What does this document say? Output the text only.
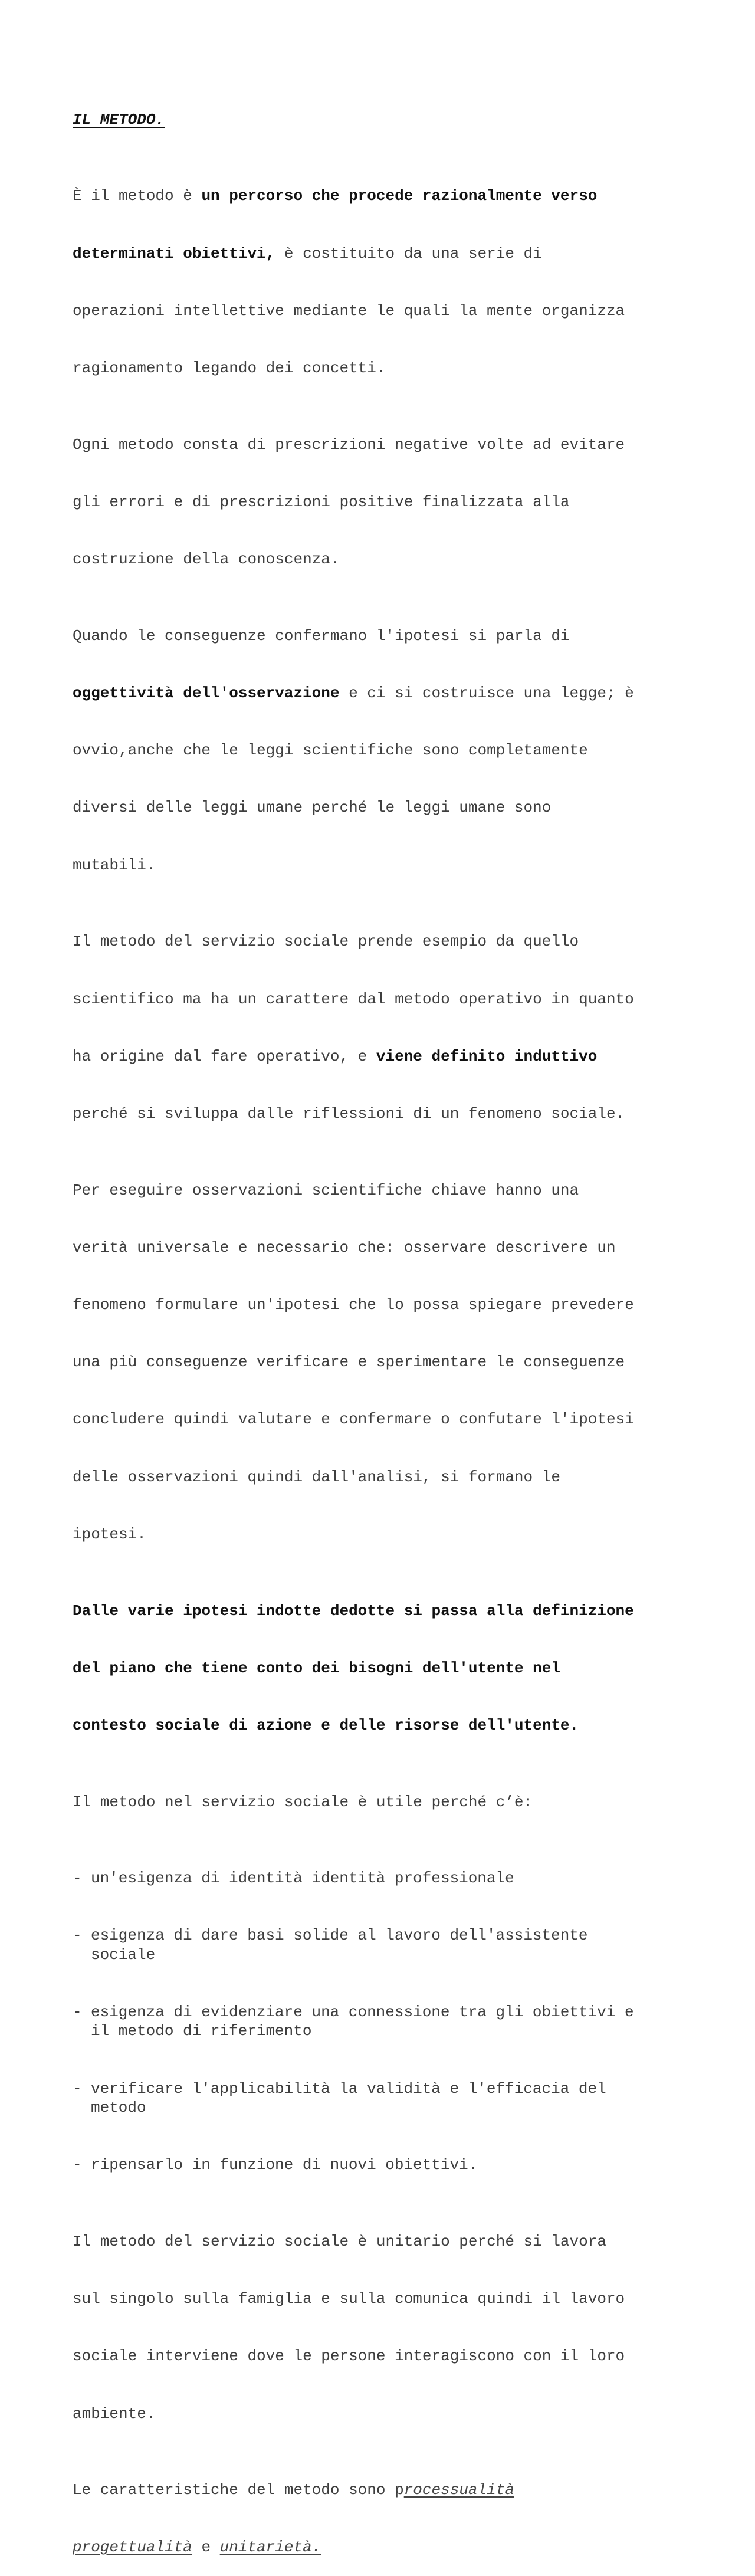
IL METODO.

È il metodo è un percorso che procede razionalmente verso

determinati obiettivi, è costituito da una serie di

operazioni intellettive mediante le quali la mente organizza

ragionamento legando dei concetti.

Ogni metodo consta di prescrizioni negative volte ad evitare

gli errori e di prescrizioni positive finalizzata alla

costruzione della conoscenza.

Quando le conseguenze confermano l'ipotesi si parla di

oggettività dell'osservazione e ci si costruisce una legge; è

ovvio,anche che le leggi scientifiche sono completamente

diversi delle leggi umane perché le leggi umane sono

mutabili.

Il metodo del servizio sociale prende esempio da quello

scientifico ma ha un carattere dal metodo operativo in quanto

ha origine dal fare operativo, e viene definito induttivo

perché si sviluppa dalle riflessioni di un fenomeno sociale.

Per eseguire osservazioni scientifiche chiave hanno una

verità universale e necessario che: osservare descrivere un

fenomeno formulare un'ipotesi che lo possa spiegare prevedere

una più conseguenze verificare e sperimentare le conseguenze

concludere quindi valutare e confermare o confutare l'ipotesi

delle osservazioni quindi dall'analisi, si formano le

ipotesi.

Dalle varie ipotesi indotte dedotte si passa alla definizione

del piano che tiene conto dei bisogni dell'utente nel

contesto sociale di azione e delle risorse dell'utente.

Il metodo nel servizio sociale è utile perché c’è:

- un'esigenza di identità identità professionale

- esigenza di dare basi solide al lavoro dell'assistente
sociale

- esigenza di evidenziare una connessione tra gli obiettivi e
il metodo di riferimento

- verificare l'applicabilità la validità e l'efficacia del
metodo

- ripensarlo in funzione di nuovi obiettivi.

Il metodo del servizio sociale è unitario perché si lavora

sul singolo sulla famiglia e sulla comunica quindi il lavoro

sociale interviene dove le persone interagiscono con il loro

ambiente.

Le caratteristiche del metodo sono processualità

progettualità e unitarietà.
